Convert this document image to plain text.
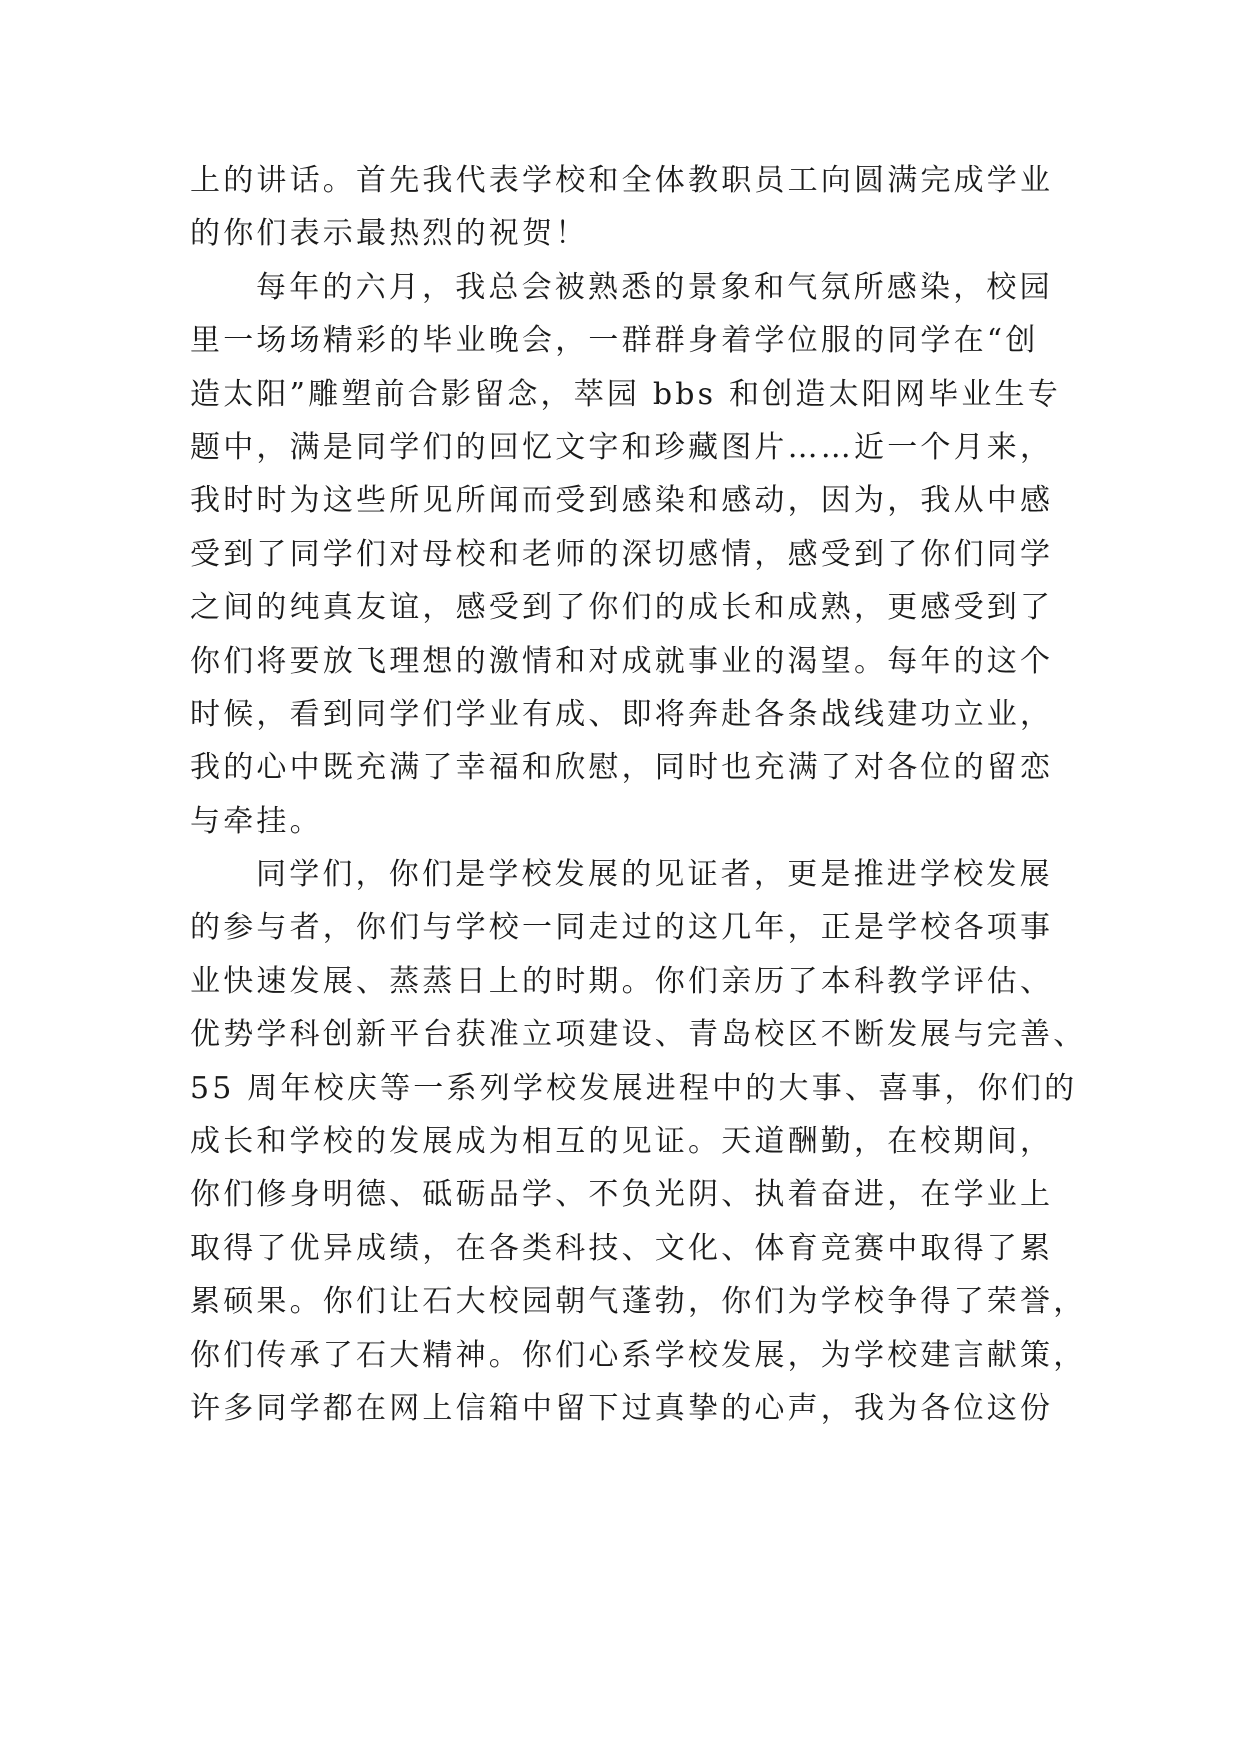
上的讲话。首先我代表学校和全体教职员工向圆满完成学业
的你们表示最热烈的祝贺！
每年的六月，我总会被熟悉的景象和气氛所感染，校园
里一场场精彩的毕业晚会，一群群身着学位服的同学在“创
造太阳”雕塑前合影留念，萃园 bbs 和创造太阳网毕业生专
题中，满是同学们的回忆文字和珍藏图片……近一个月来，
我时时为这些所见所闻而受到感染和感动，因为，我从中感
受到了同学们对母校和老师的深切感情，感受到了你们同学
之间的纯真友谊，感受到了你们的成长和成熟，更感受到了
你们将要放飞理想的激情和对成就事业的渴望。每年的这个
时候，看到同学们学业有成、即将奔赴各条战线建功立业，
我的心中既充满了幸福和欣慰，同时也充满了对各位的留恋
与牵挂。
同学们，你们是学校发展的见证者，更是推进学校发展
的参与者，你们与学校一同走过的这几年，正是学校各项事
业快速发展、蒸蒸日上的时期。你们亲历了本科教学评估、
优势学科创新平台获准立项建设、青岛校区不断发展与完善、
55 周年校庆等一系列学校发展进程中的大事、喜事，你们的
成长和学校的发展成为相互的见证。天道酬勤，在校期间，
你们修身明德、砥砺品学、不负光阴、执着奋进，在学业上
取得了优异成绩，在各类科技、文化、体育竞赛中取得了累
累硕果。你们让石大校园朝气蓬勃，你们为学校争得了荣誉，
你们传承了石大精神。你们心系学校发展，为学校建言献策，
许多同学都在网上信箱中留下过真挚的心声，我为各位这份
